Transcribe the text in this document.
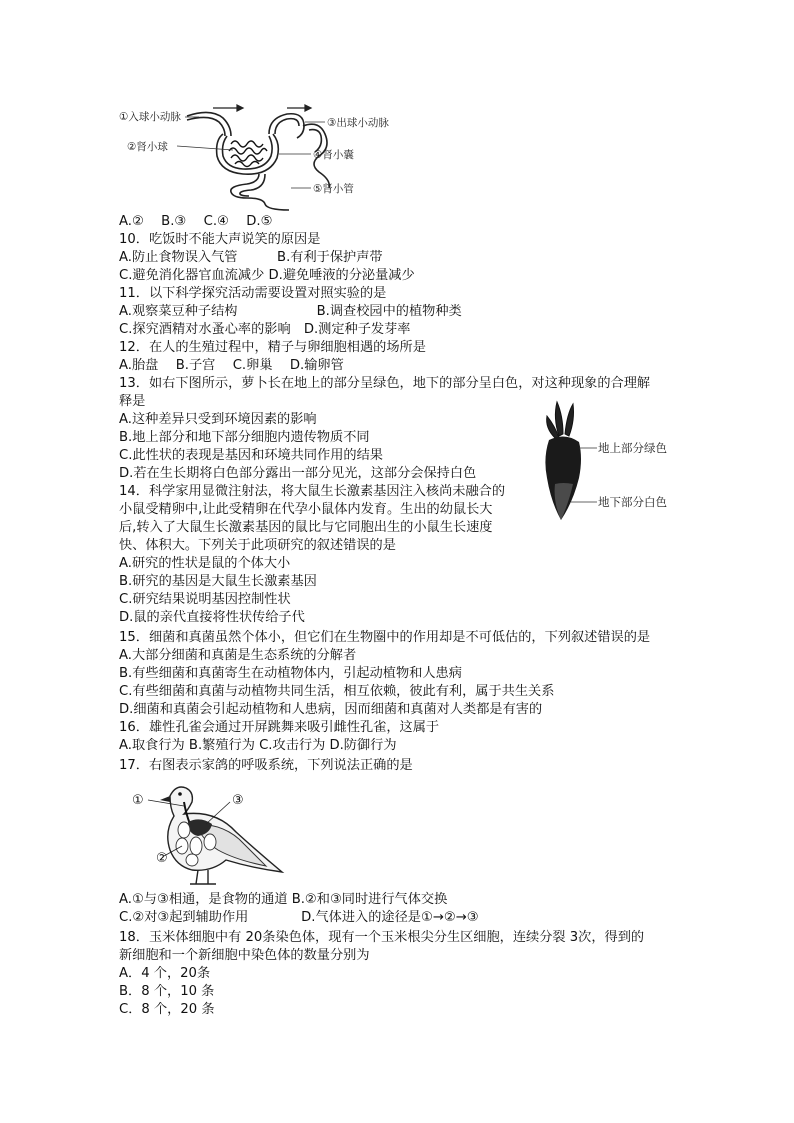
①入球小动脉
②肾小球
③出球小动脉
④肾小囊
⑤肾小管
A.②　 B.③　 C.④　 D.⑤
10．吃饭时不能大声说笑的原因是
A.防止食物误入气管　　　B.有利于保护声带
C.避免消化器官血流减少 D.避免唾液的分泌量减少
11．以下科学探究活动需要设置对照实验的是
A.观察菜豆种子结构　　　　　　B.调查校园中的植物种类
C.探究酒精对水蚤心率的影响　D.测定种子发芽率
12．在人的生殖过程中，精子与卵细胞相遇的场所是
A.胎盘　 B.子宫　 C.卵巢　 D.输卵管
13．如右下图所示，萝卜长在地上的部分呈绿色，地下的部分呈白色，对这种现象的合理解
释是
A.这种差异只受到环境因素的影响
B.地上部分和地下部分细胞内遗传物质不同
C.此性状的表现是基因和环境共同作用的结果
D.若在生长期将白色部分露出一部分见光，这部分会保持白色
地上部分绿色
地下部分白色
14．科学家用显微注射法，将大鼠生长激素基因注入核尚未融合的
小鼠受精卵中,让此受精卵在代孕小鼠体内发育。生出的幼鼠长大
后,转入了大鼠生长激素基因的鼠比与它同胞出生的小鼠生长速度
快、体积大。下列关于此项研究的叙述错误的是
A.研究的性状是鼠的个体大小
B.研究的基因是大鼠生长激素基因
C.研究结果说明基因控制性状
D.鼠的亲代直接将性状传给子代
15．细菌和真菌虽然个体小，但它们在生物圈中的作用却是不可低估的，下列叙述错误的是
A.大部分细菌和真菌是生态系统的分解者
B.有些细菌和真菌寄生在动植物体内，引起动植物和人患病
C.有些细菌和真菌与动植物共同生活，相互依赖，彼此有利，属于共生关系
D.细菌和真菌会引起动植物和人患病，因而细菌和真菌对人类都是有害的
16．雄性孔雀会通过开屏跳舞来吸引雌性孔雀，这属于
A.取食行为 B.繁殖行为 C.攻击行为 D.防御行为
17．右图表示家鸽的呼吸系统，下列说法正确的是
①
②
③
A.①与③相通，是食物的通道 B.②和③同时进行气体交换
C.②对③起到辅助作用　　　　D.气体进入的途径是①→②→③
18．玉米体细胞中有 20条染色体，现有一个玉米根尖分生区细胞，连续分裂 3次，得到的
新细胞和一个新细胞中染色体的数量分别为
A．4 个，20条
B．8 个，10 条
C．8 个，20 条
